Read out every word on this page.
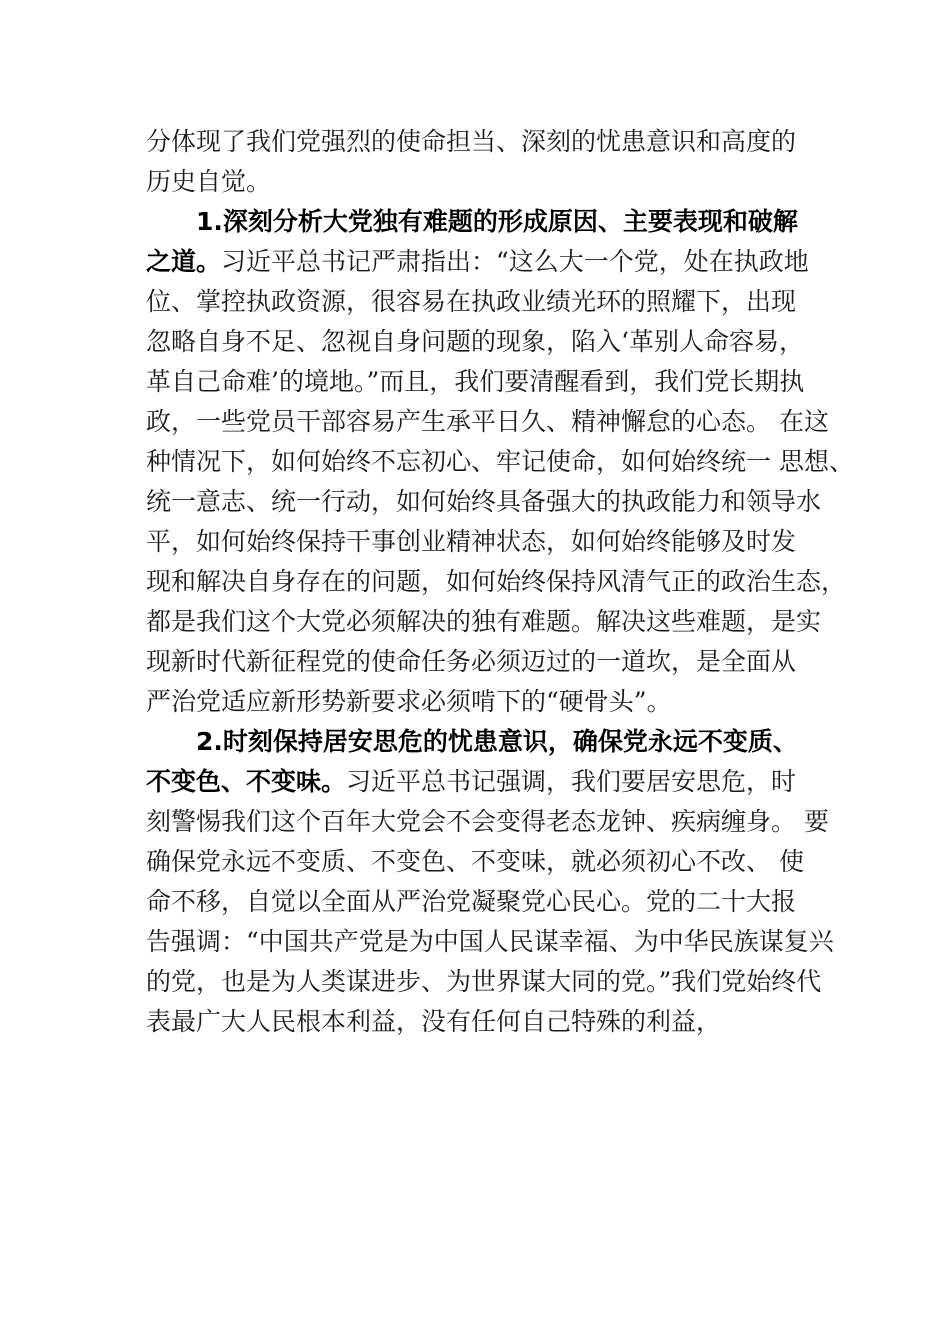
分体现了我们党强烈的使命担当、深刻的忧患意识和高度的
历史自觉。
1.深刻分析大党独有难题的形成原因、主要表现和破解
之道。习近平总书记严肃指出：“这么大一个党，处在执政地
位、掌控执政资源，很容易在执政业绩光环的照耀下，出现
忽略自身不足、忽视自身问题的现象，陷入‘革别人命容易，
革自己命难’的境地。”而且，我们要清醒看到，我们党长期执
政，一些党员干部容易产生承平日久、精神懈怠的心态。 在这
种情况下，如何始终不忘初心、牢记使命，如何始终统一 思想、
统一意志、统一行动，如何始终具备强大的执政能力和领导水
平，如何始终保持干事创业精神状态，如何始终能够及时发
现和解决自身存在的问题，如何始终保持风清气正的政治生态，
都是我们这个大党必须解决的独有难题。解决这些难题，是实
现新时代新征程党的使命任务必须迈过的一道坎，是全面从
严治党适应新形势新要求必须啃下的“硬骨头”。
2.时刻保持居安思危的忧患意识，确保党永远不变质、
不变色、不变味。习近平总书记强调，我们要居安思危，时
刻警惕我们这个百年大党会不会变得老态龙钟、疾病缠身。 要
确保党永远不变质、不变色、不变味，就必须初心不改、 使
命不移，自觉以全面从严治党凝聚党心民心。党的二十大报
告强调：“中国共产党是为中国人民谋幸福、为中华民族谋复兴
的党，也是为人类谋进步、为世界谋大同的党。”我们党始终代
表最广大人民根本利益，没有任何自己特殊的利益，
